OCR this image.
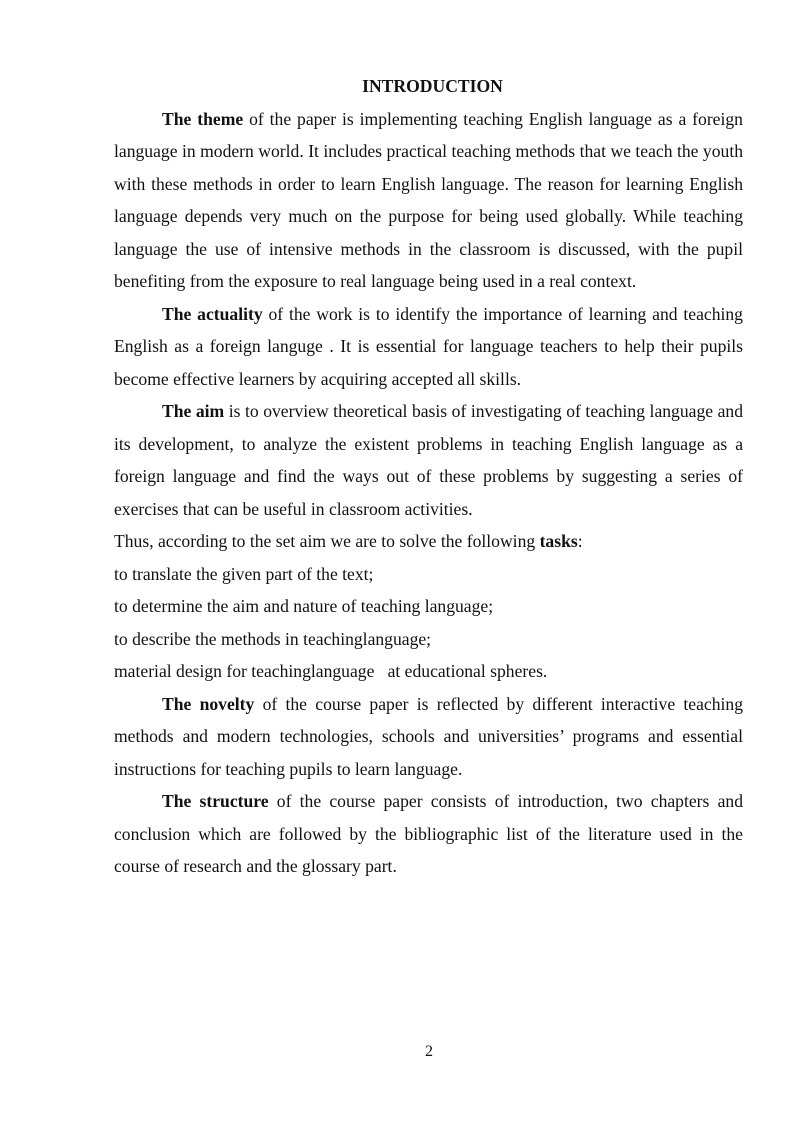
INTRODUCTION

The theme of the paper is implementing teaching English language as a foreign language in modern world. It includes practical teaching methods that we teach the youth with these methods in order to learn English language. The reason for learning English language depends very much on the purpose for being used globally. While teaching language the use of intensive methods in the classroom is discussed, with the pupil benefiting from the exposure to real language being used in a real context.

The actuality of the work is to identify the importance of learning and teaching English as a foreign languge . It is essential for language teachers to help their pupils become effective learners by acquiring accepted all skills.

The aim is to overview theoretical basis of investigating of teaching language and its development, to analyze the existent problems in teaching English language as a foreign language and find the ways out of these problems by suggesting a series of exercises that can be useful in classroom activities.

Thus, according to the set aim we are to solve the following tasks:

to translate the given part of the text;

to determine the aim and nature of teaching language;

to describe the methods in teachinglanguage;

material design for teachinglanguage   at educational spheres.

The novelty of the course paper is reflected by different interactive teaching methods and modern technologies, schools and universities’ programs and essential instructions for teaching pupils to learn language.

The structure of the course paper consists of introduction, two chapters and conclusion which are followed by the bibliographic list of the literature used in the course of research and the glossary part.

2
